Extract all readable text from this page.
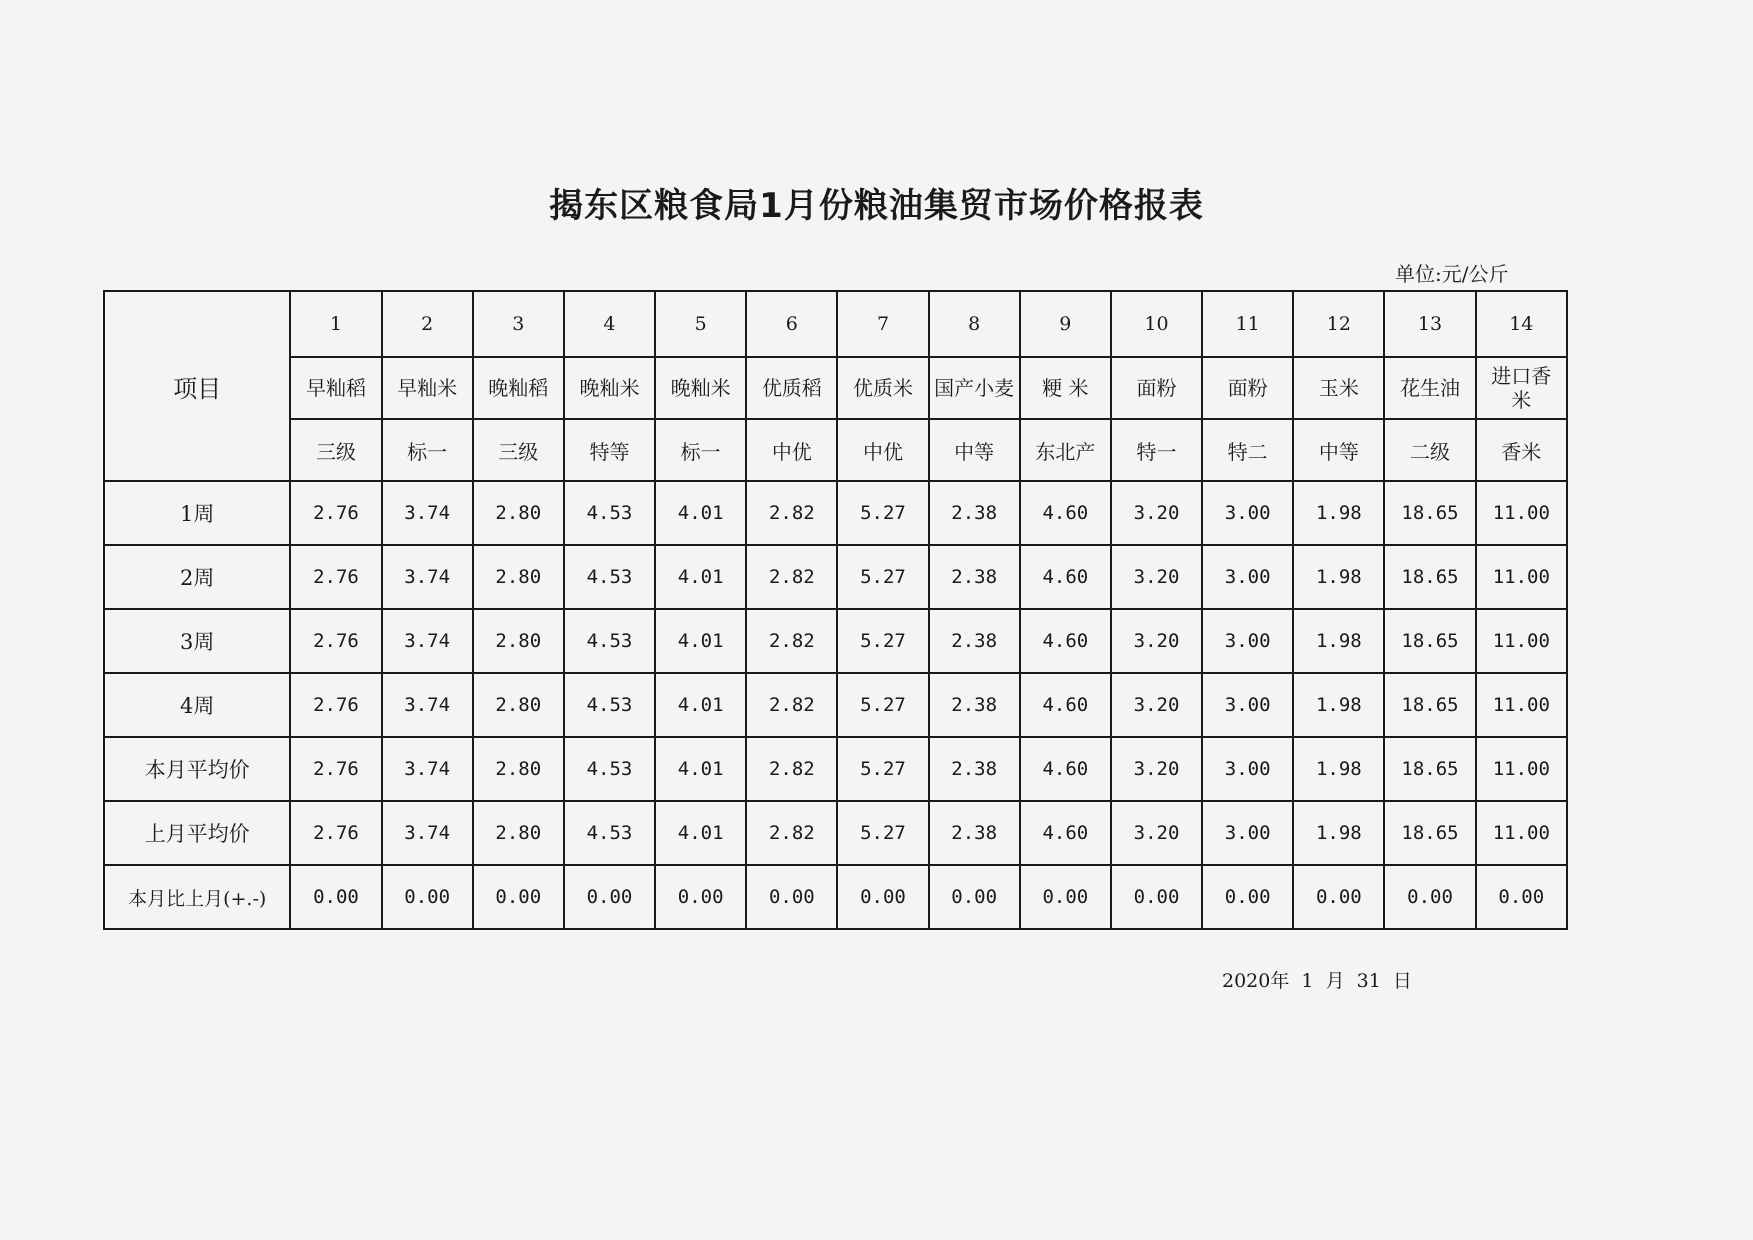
揭东区粮食局1月份粮油集贸市场价格报表
单位:元/公斤
项目	1	2	3	4	5	6	7	8	9	10	11	12	13	14
	早籼稻	早籼米	晚籼稻	晚籼米	晚籼米	优质稻	优质米	国产小麦	粳 米	面粉	面粉	玉米	花生油	进口香米
	三级	标一	三级	特等	标一	中优	中优	中等	东北产	特一	特二	中等	二级	香米
1周	2.76	3.74	2.80	4.53	4.01	2.82	5.27	2.38	4.60	3.20	3.00	1.98	18.65	11.00
2周	2.76	3.74	2.80	4.53	4.01	2.82	5.27	2.38	4.60	3.20	3.00	1.98	18.65	11.00
3周	2.76	3.74	2.80	4.53	4.01	2.82	5.27	2.38	4.60	3.20	3.00	1.98	18.65	11.00
4周	2.76	3.74	2.80	4.53	4.01	2.82	5.27	2.38	4.60	3.20	3.00	1.98	18.65	11.00
本月平均价	2.76	3.74	2.80	4.53	4.01	2.82	5.27	2.38	4.60	3.20	3.00	1.98	18.65	11.00
上月平均价	2.76	3.74	2.80	4.53	4.01	2.82	5.27	2.38	4.60	3.20	3.00	1.98	18.65	11.00
本月比上月(+.-)	0.00	0.00	0.00	0.00	0.00	0.00	0.00	0.00	0.00	0.00	0.00	0.00	0.00	0.00
2020年  1  月  31  日
